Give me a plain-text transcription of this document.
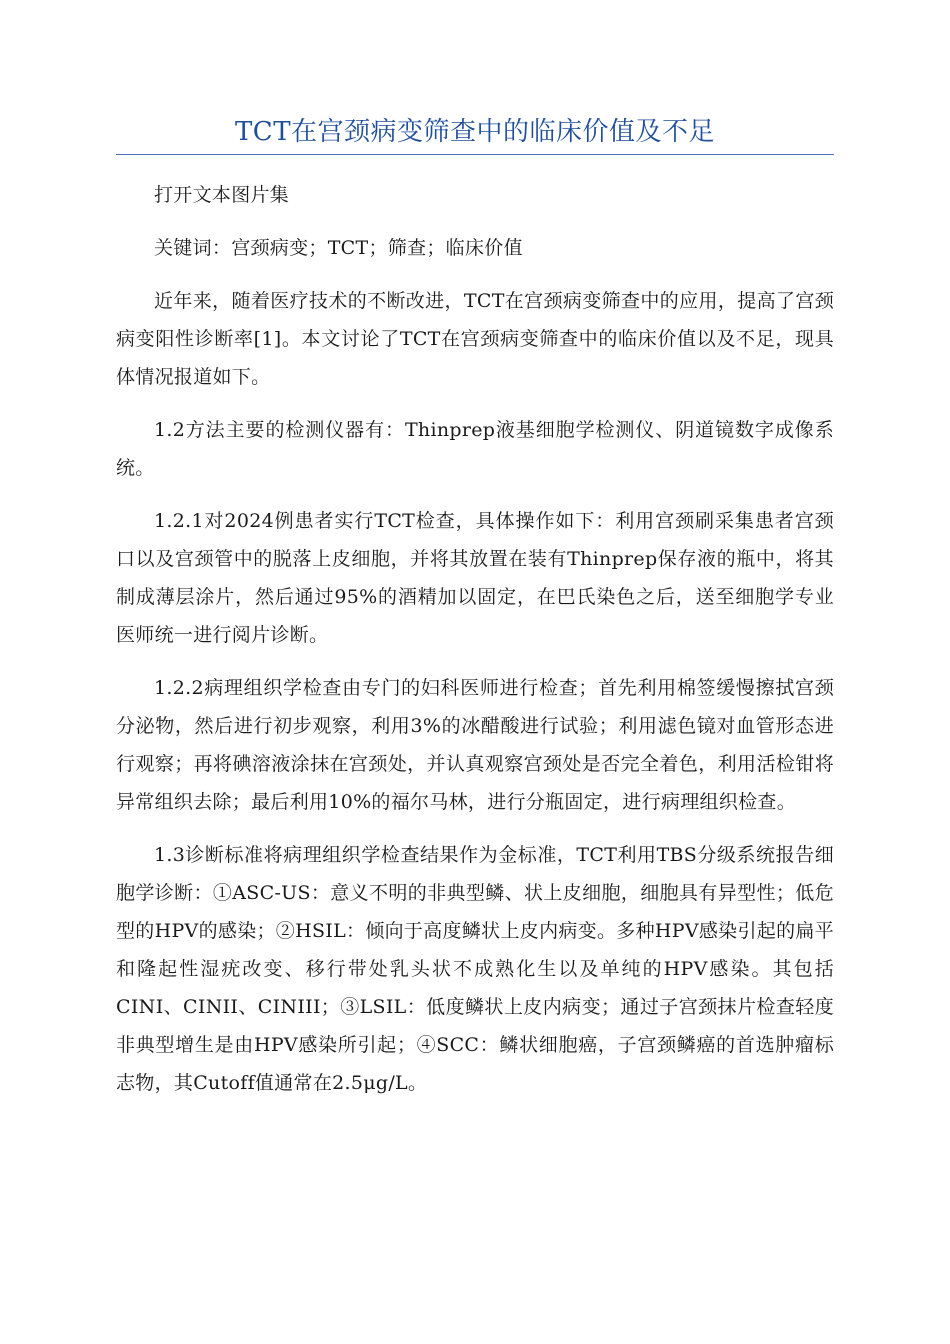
TCT在宫颈病变筛查中的临床价值及不足

打开文本图片集

关键词：宫颈病变；TCT；筛查；临床价值

近年来，随着医疗技术的不断改进，TCT在宫颈病变筛查中的应用，提高了宫颈病变阳性诊断率[1]。本文讨论了TCT在宫颈病变筛查中的临床价值以及不足，现具体情况报道如下。

1.2方法主要的检测仪器有：Thinprep液基细胞学检测仪、阴道镜数字成像系统。

1.2.1对2024例患者实行TCT检查，具体操作如下：利用宫颈刷采集患者宫颈口以及宫颈管中的脱落上皮细胞，并将其放置在装有Thinprep保存液的瓶中，将其制成薄层涂片，然后通过95%的酒精加以固定，在巴氏染色之后，送至细胞学专业医师统一进行阅片诊断。

1.2.2病理组织学检查由专门的妇科医师进行检查；首先利用棉签缓慢擦拭宫颈分泌物，然后进行初步观察，利用3%的冰醋酸进行试验；利用滤色镜对血管形态进行观察；再将碘溶液涂抹在宫颈处，并认真观察宫颈处是否完全着色，利用活检钳将异常组织去除；最后利用10%的福尔马林，进行分瓶固定，进行病理组织检查。

1.3诊断标准将病理组织学检查结果作为金标准，TCT利用TBS分级系统报告细胞学诊断：①ASC-US：意义不明的非典型鳞、状上皮细胞，细胞具有异型性；低危型的HPV的感染；②HSIL：倾向于高度鳞状上皮内病变。多种HPV感染引起的扁平和隆起性湿疣改变、移行带处乳头状不成熟化生以及单纯的HPV感染。其包括CINⅠ、CINII、CINIII；③LSIL：低度鳞状上皮内病变；通过子宫颈抹片检查轻度非典型增生是由HPV感染所引起；④SCC：鳞状细胞癌，子宫颈鳞癌的首选肿瘤标志物，其Cutoff值通常在2.5μg/L。
